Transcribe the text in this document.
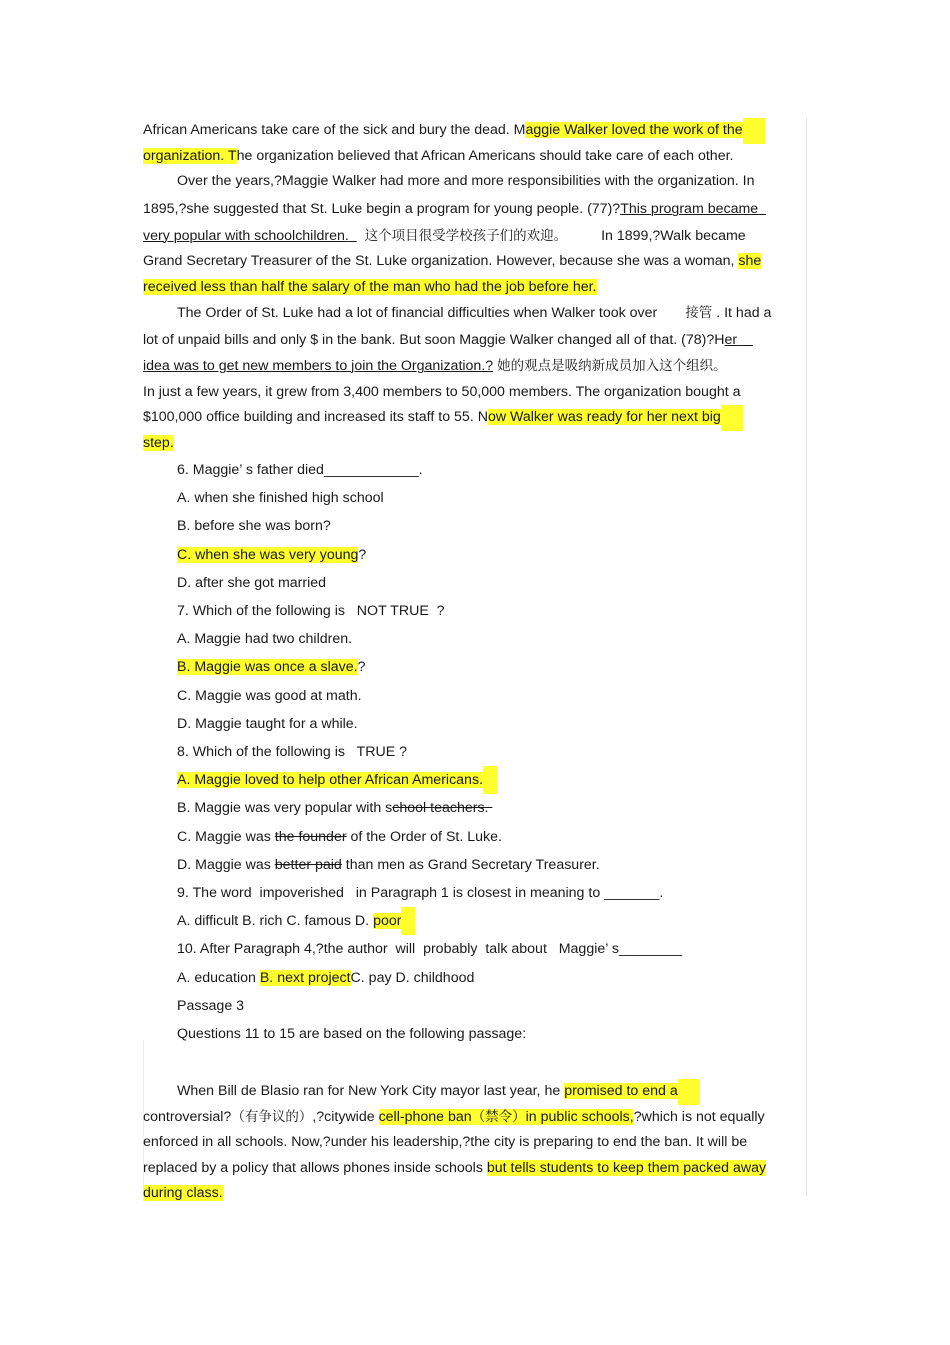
African Americans take care of the sick and bury the dead. Maggie Walker loved the work of the

organization. The organization believed that African Americans should take care of each other.

Over the years,?Maggie Walker had more and more responsibilities with the organization. In

1895,?she suggested that St. Luke begin a program for young people. (77)?This program became

very popular with schoolchildren. 这个项目很受学校孩子们的欢迎。 In 1899,?Walk became

Grand Secretary Treasurer of the St. Luke organization. However, because she was a woman, she

received less than half the salary of the man who had the job before her.

The Order of St. Luke had a lot of financial difficulties when Walker took over 接管 . It had a

lot of unpaid bills and only $ in the bank. But soon Maggie Walker changed all of that. (78)?Her

idea was to get new members to join the Organization.? 她的观点是吸纳新成员加入这个组织。

In just a few years, it grew from 3,400 members to 50,000 members. The organization bought a

$100,000 office building and increased its staff to 55. Now Walker was ready for her next big

step.

6. Maggie’ s father died____________.

A. when she finished high school

B. before she was born?

C. when she was very young?

D. after she got married

7. Which of the following is   NOT TRUE  ?

A. Maggie had two children.

B. Maggie was once a slave.?

C. Maggie was good at math.

D. Maggie taught for a while.

8. Which of the following is   TRUE ?

A. Maggie loved to help other African Americans.

B. Maggie was very popular with school teachers.

C. Maggie was the founder of the Order of St. Luke.

D. Maggie was better paid than men as Grand Secretary Treasurer.

9. The word  impoverished   in Paragraph 1 is closest in meaning to _______.

A. difficult B. rich C. famous D. poor

10. After Paragraph 4,?the author  will  probably  talk about   Maggie’ s________

A. education B. next projectC. pay D. childhood

Passage 3

Questions 11 to 15 are based on the following passage:

When Bill de Blasio ran for New York City mayor last year, he promised to end a

controversial?（有争议的）,?citywide cell-phone ban（禁令）in public schools,?which is not equally

enforced in all schools. Now,?under his leadership,?the city is preparing to end the ban. It will be

replaced by a policy that allows phones inside schools but tells students to keep them packed away

during class.
